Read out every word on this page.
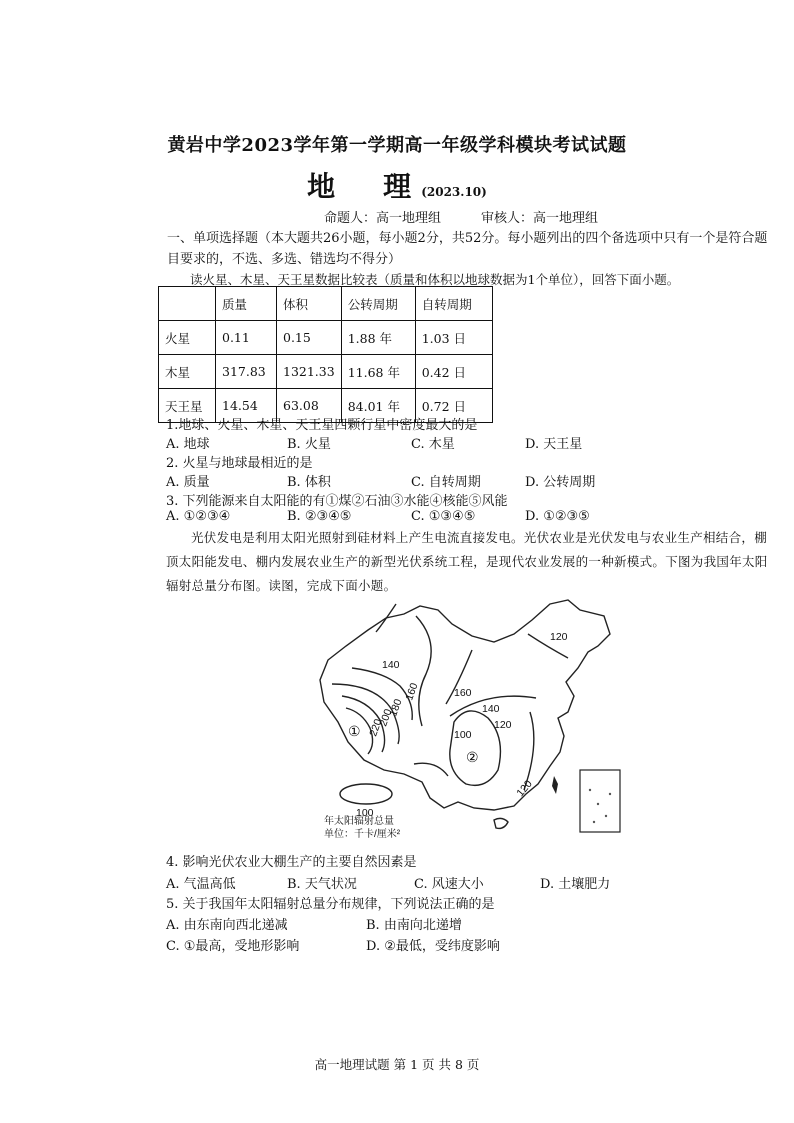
黄岩中学2023学年第一学期高一年级学科模块考试试题
地　理(2023.10)
命题人：高一地理组	审核人：高一地理组
一、单项选择题（本大题共26小题，每小题2分，共52分。每小题列出的四个备选项中只有一个是符合题目要求的，不选、多选、错选均不得分）
读火星、木星、天王星数据比较表（质量和体积以地球数据为1个单位），回答下面小题。
	质量	体积	公转周期	自转周期
火星	0.11	0.15	1.88 年	1.03 日
木星	317.83	1321.33	11.68 年	0.42 日
天王星	14.54	63.08	84.01 年	0.72 日
1.地球、火星、木星、天王星四颗行星中密度最大的是
A. 地球	B. 火星	C. 木星	D. 天王星
2. 火星与地球最相近的是
A. 质量	B. 体积	C. 自转周期	D. 公转周期
3. 下列能源来自太阳能的有①煤②石油③水能④核能⑤风能
A. ①②③④	B. ②③④⑤	C. ①③④⑤	D. ①②③⑤
光伏发电是利用太阳光照射到硅材料上产生电流直接发电。光伏农业是光伏发电与农业生产相结合，棚顶太阳能发电、棚内发展农业生产的新型光伏系统工程，是现代农业发展的一种新模式。下图为我国年太阳辐射总量分布图。读图，完成下面小题。
120
140
160
180
200
220
140
120
100
120
160
100
①
②
年太阳辐射总量
单位：千卡/厘米²
4. 影响光伏农业大棚生产的主要自然因素是
A. 气温高低	B. 天气状况	C. 风速大小	D. 土壤肥力
5. 关于我国年太阳辐射总量分布规律，下列说法正确的是
A. 由东南向西北递减	B. 由南向北递增
C. ①最高，受地形影响	D. ②最低，受纬度影响
高一地理试题 第 1 页 共 8 页
